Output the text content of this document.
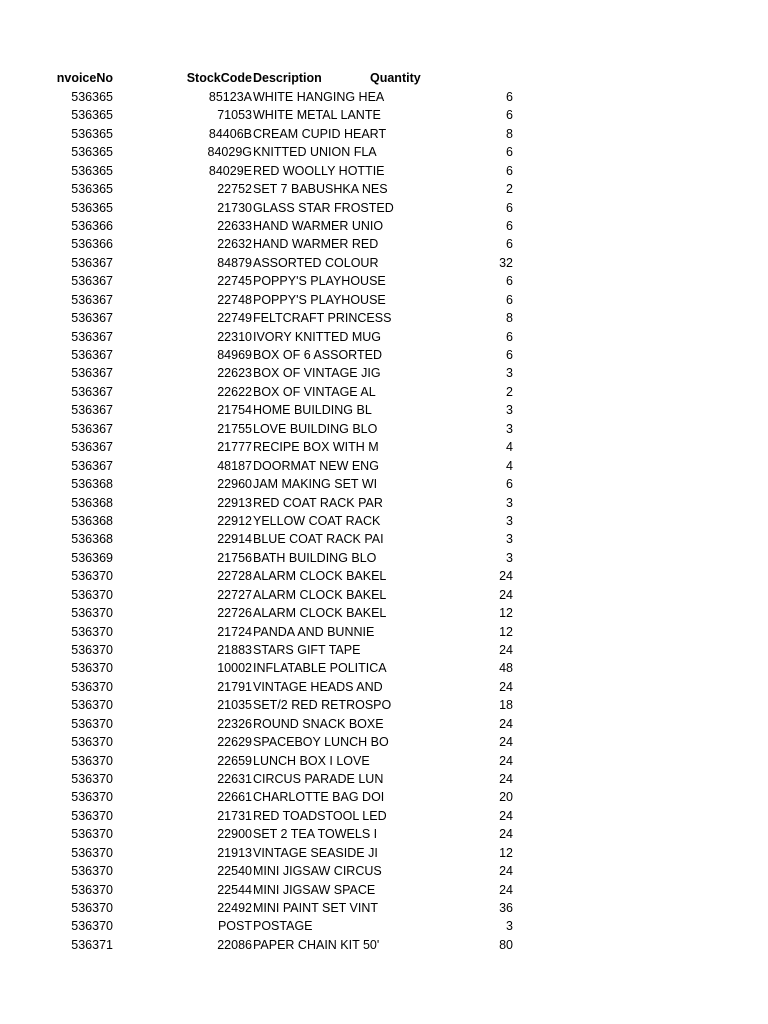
nvoiceNo	StockCode Description	Quantity
536365	85123A WHITE HANGING HEA	6
536365	71053 WHITE METAL LANTE	6
536365	84406B CREAM CUPID HEART	8
536365	84029G KNITTED UNION FLA	6
536365	84029E RED WOOLLY HOTTIE	6
536365	22752 SET 7 BABUSHKA NES	2
536365	21730 GLASS STAR FROSTED	6
536366	22633 HAND WARMER UNIO	6
536366	22632 HAND WARMER RED	6
536367	84879 ASSORTED COLOUR	32
536367	22745 POPPY'S PLAYHOUSE	6
536367	22748 POPPY'S PLAYHOUSE	6
536367	22749 FELTCRAFT PRINCESS	8
536367	22310 IVORY KNITTED MUG	6
536367	84969 BOX OF 6 ASSORTED	6
536367	22623 BOX OF VINTAGE JIG	3
536367	22622 BOX OF VINTAGE AL	2
536367	21754 HOME BUILDING BL	3
536367	21755 LOVE BUILDING BLO	3
536367	21777 RECIPE BOX WITH M	4
536367	48187 DOORMAT NEW ENG	4
536368	22960 JAM MAKING SET WI	6
536368	22913 RED COAT RACK PAR	3
536368	22912 YELLOW COAT RACK	3
536368	22914 BLUE COAT RACK PAI	3
536369	21756 BATH BUILDING BLO	3
536370	22728 ALARM CLOCK BAKEL	24
536370	22727 ALARM CLOCK BAKEL	24
536370	22726 ALARM CLOCK BAKEL	12
536370	21724 PANDA AND BUNNIE	12
536370	21883 STARS GIFT TAPE	24
536370	10002 INFLATABLE POLITICA	48
536370	21791 VINTAGE HEADS AND	24
536370	21035 SET/2 RED RETROSPO	18
536370	22326 ROUND SNACK BOXE	24
536370	22629 SPACEBOY LUNCH BO	24
536370	22659 LUNCH BOX I LOVE	24
536370	22631 CIRCUS PARADE LUN	24
536370	22661 CHARLOTTE BAG DOI	20
536370	21731 RED TOADSTOOL LED	24
536370	22900 SET 2 TEA TOWELS I	24
536370	21913 VINTAGE SEASIDE JI	12
536370	22540 MINI JIGSAW CIRCUS	24
536370	22544 MINI JIGSAW SPACE	24
536370	22492 MINI PAINT SET VINT	36
536370	POST POSTAGE	3
536371	22086 PAPER CHAIN KIT 50'	80
